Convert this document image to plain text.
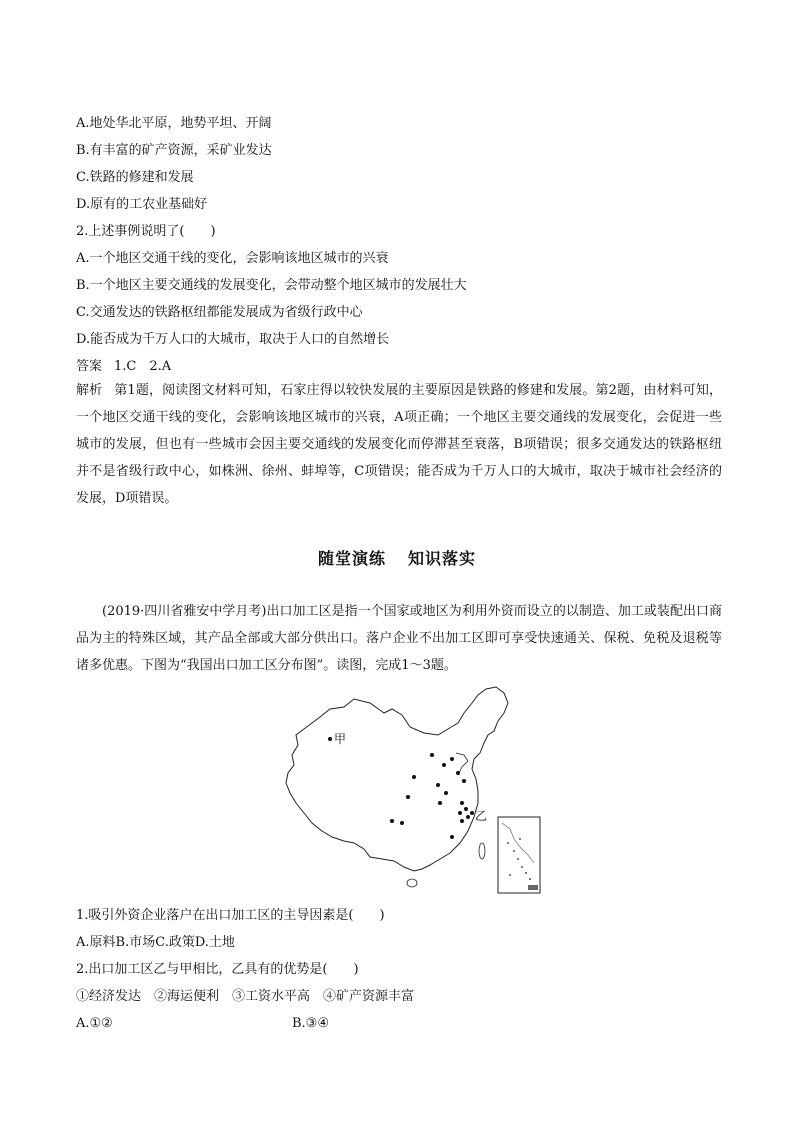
A.地处华北平原，地势平坦、开阔
B.有丰富的矿产资源，采矿业发达
C.铁路的修建和发展
D.原有的工农业基础好
2.上述事例说明了(　　)
A.一个地区交通干线的变化，会影响该地区城市的兴衰
B.一个地区主要交通线的发展变化，会带动整个地区城市的发展壮大
C.交通发达的铁路枢纽都能发展成为省级行政中心
D.能否成为千万人口的大城市，取决于人口的自然增长
答案 1.C　2.A
解析 第1题，阅读图文材料可知，石家庄得以较快发展的主要原因是铁路的修建和发展。第2题，由材料可知，一个地区交通干线的变化，会影响该地区城市的兴衰，A项正确；一个地区主要交通线的发展变化，会促进一些城市的发展，但也有一些城市会因主要交通线的发展变化而停滞甚至衰落，B项错误；很多交通发达的铁路枢纽并不是省级行政中心，如株洲、徐州、蚌埠等，C项错误；能否成为千万人口的大城市，取决于城市社会经济的发展，D项错误。
随堂演练 知识落实
(2019·四川省雅安中学月考)出口加工区是指一个国家或地区为利用外资而设立的以制造、加工或装配出口商品为主的特殊区域，其产品全部或大部分供出口。落户企业不出加工区即可享受快速通关、保税、免税及退税等诸多优惠。下图为“我国出口加工区分布图”。读图，完成1～3题。
甲
乙
1.吸引外资企业落户在出口加工区的主导因素是(　　)
A.原料B.市场C.政策D.土地
2.出口加工区乙与甲相比，乙具有的优势是(　　)
①经济发达　②海运便利　③工资水平高　④矿产资源丰富
A.①②	B.③④
